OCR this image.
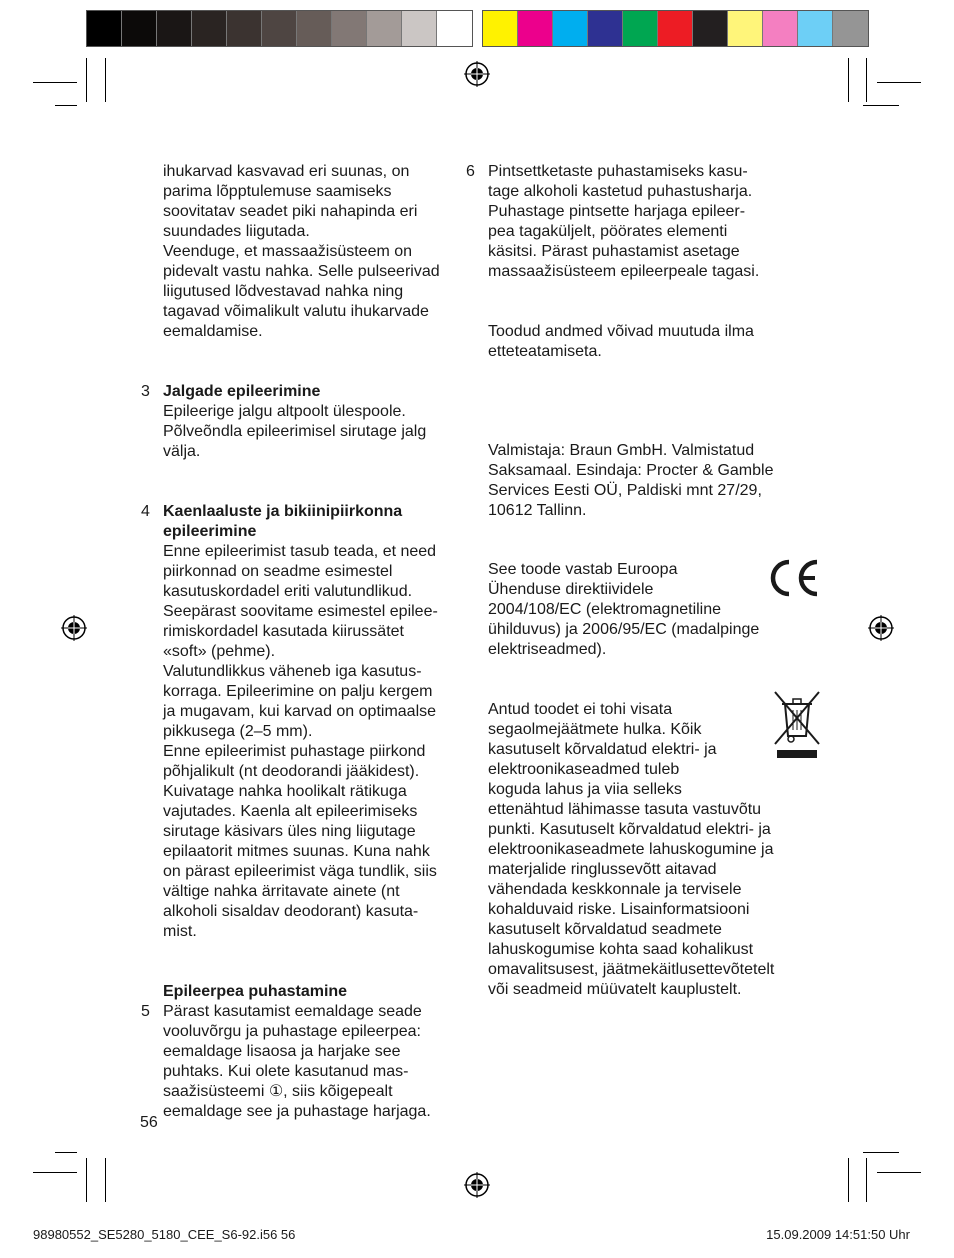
ihukarvad kasvavad eri suunas, on

parima lõpptulemuse saamiseks

soovitatav seadet piki nahapinda eri

suundades liigutada.

Veenduge, et massaažisüsteem on

pidevalt vastu nahka. Selle pulseerivad

liigutused lõdvestavad nahka ning

tagavad võimalikult valutu ihukarvade

eemaldamise.

3 Jalgade epileerimine

Epileerige jalgu altpoolt ülespoole.

Põlveõndla epileerimisel sirutage jalg

välja.

4 Kaenlaaluste ja bikiinipiirkonna

epileerimine

Enne epileerimist tasub teada, et need

piirkonnad on seadme esimestel

kasutuskordadel eriti valutundlikud.

Seepärast soovitame esimestel epilee-

rimiskordadel kasutada kiirussätet

«soft» (pehme).

Valutundlikkus väheneb iga kasutus-

korraga. Epileerimine on palju kergem

ja mugavam, kui karvad on optimaalse

pikkusega (2–5 mm).

Enne epileerimist puhastage piirkond

põhjalikult (nt deodorandi jääkidest).

Kuivatage nahka hoolikalt rätikuga

vajutades. Kaenla alt epileerimiseks

sirutage käsivars üles ning liigutage

epilaatorit mitmes suunas. Kuna nahk

on pärast epileerimist väga tundlik, siis

vältige nahka ärritavate ainete (nt

alkoholi sisaldav deodorant) kasuta-

mist.

Epileerpea puhastamine

5 Pärast kasutamist eemaldage seade

vooluvõrgu ja puhastage epileerpea:

eemaldage lisaosa ja harjake see

puhtaks. Kui olete kasutanud mas-

saažisüsteemi ①, siis kõigepealt

eemaldage see ja puhastage harjaga.

6 Pintsettketaste puhastamiseks kasu-

tage alkoholi kastetud puhastusharja.

Puhastage pintsette harjaga epileer-

pea tagaküljelt, pöörates elementi

käsitsi. Pärast puhastamist asetage

massaažisüsteem epileerpeale tagasi.

Toodud andmed võivad muutuda ilma

etteteatamiseta.

Valmistaja: Braun GmbH. Valmistatud

Saksamaal. Esindaja: Procter & Gamble

Services Eesti OÜ, Paldiski mnt 27/29,

10612 Tallinn.

See toode vastab Euroopa

Ühenduse direktiividele

2004/108/EC (elektromagnetiline

ühilduvus) ja 2006/95/EC (madalpinge

elektriseadmed).

Antud toodet ei tohi visata

segaolmejäätmete hulka. Kõik

kasutuselt kõrvaldatud elektri- ja

elektroonikaseadmed tuleb

koguda lahus ja viia selleks

ettenähtud lähimasse tasuta vastuvõtu

punkti. Kasutuselt kõrvaldatud elektri- ja

elektroonikaseadmete lahuskogumine ja

materjalide ringlussevõtt aitavad

vähendada keskkonnale ja tervisele

kohalduvaid riske. Lisainformatsiooni

kasutuselt kõrvaldatud seadmete

lahuskogumise kohta saad kohalikust

omavalitsusest, jäätmekäitlusettevõtetelt

või seadmeid müüvatelt kauplustelt.

56
98980552_SE5280_5180_CEE_S6-92.i56 56	15.09.2009 14:51:50 Uhr
